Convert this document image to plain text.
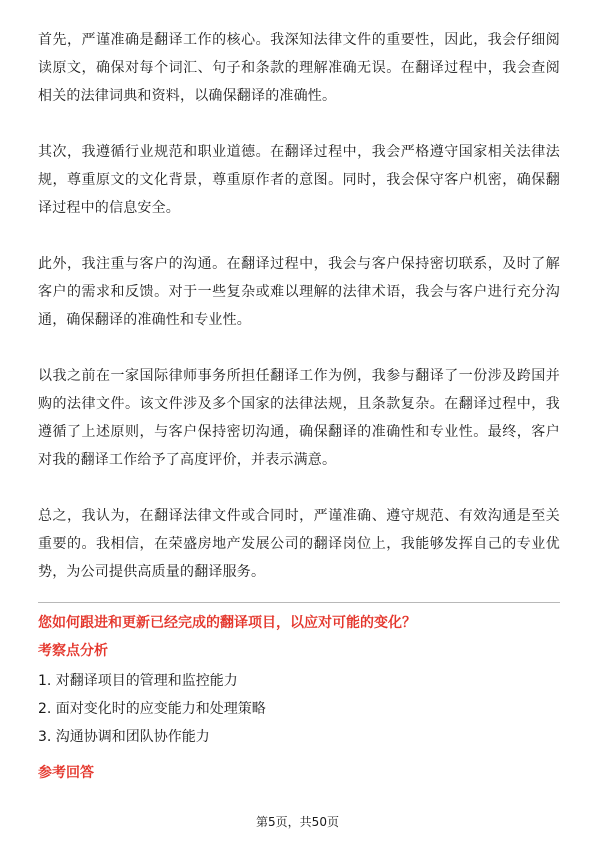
首先，严谨准确是翻译工作的核心。我深知法律文件的重要性，因此，我会仔细阅读原文，确保对每个词汇、句子和条款的理解准确无误。在翻译过程中，我会查阅相关的法律词典和资料，以确保翻译的准确性。

其次，我遵循行业规范和职业道德。在翻译过程中，我会严格遵守国家相关法律法规，尊重原文的文化背景，尊重原作者的意图。同时，我会保守客户机密，确保翻译过程中的信息安全。

此外，我注重与客户的沟通。在翻译过程中，我会与客户保持密切联系，及时了解客户的需求和反馈。对于一些复杂或难以理解的法律术语，我会与客户进行充分沟通，确保翻译的准确性和专业性。

以我之前在一家国际律师事务所担任翻译工作为例，我参与翻译了一份涉及跨国并购的法律文件。该文件涉及多个国家的法律法规，且条款复杂。在翻译过程中，我遵循了上述原则，与客户保持密切沟通，确保翻译的准确性和专业性。最终，客户对我的翻译工作给予了高度评价，并表示满意。

总之，我认为，在翻译法律文件或合同时，严谨准确、遵守规范、有效沟通是至关重要的。我相信，在荣盛房地产发展公司的翻译岗位上，我能够发挥自己的专业优势，为公司提供高质量的翻译服务。

您如何跟进和更新已经完成的翻译项目，以应对可能的变化？
考察点分析
1. 对翻译项目的管理和监控能力
2. 面对变化时的应变能力和处理策略
3. 沟通协调和团队协作能力
参考回答
第5页，共50页
